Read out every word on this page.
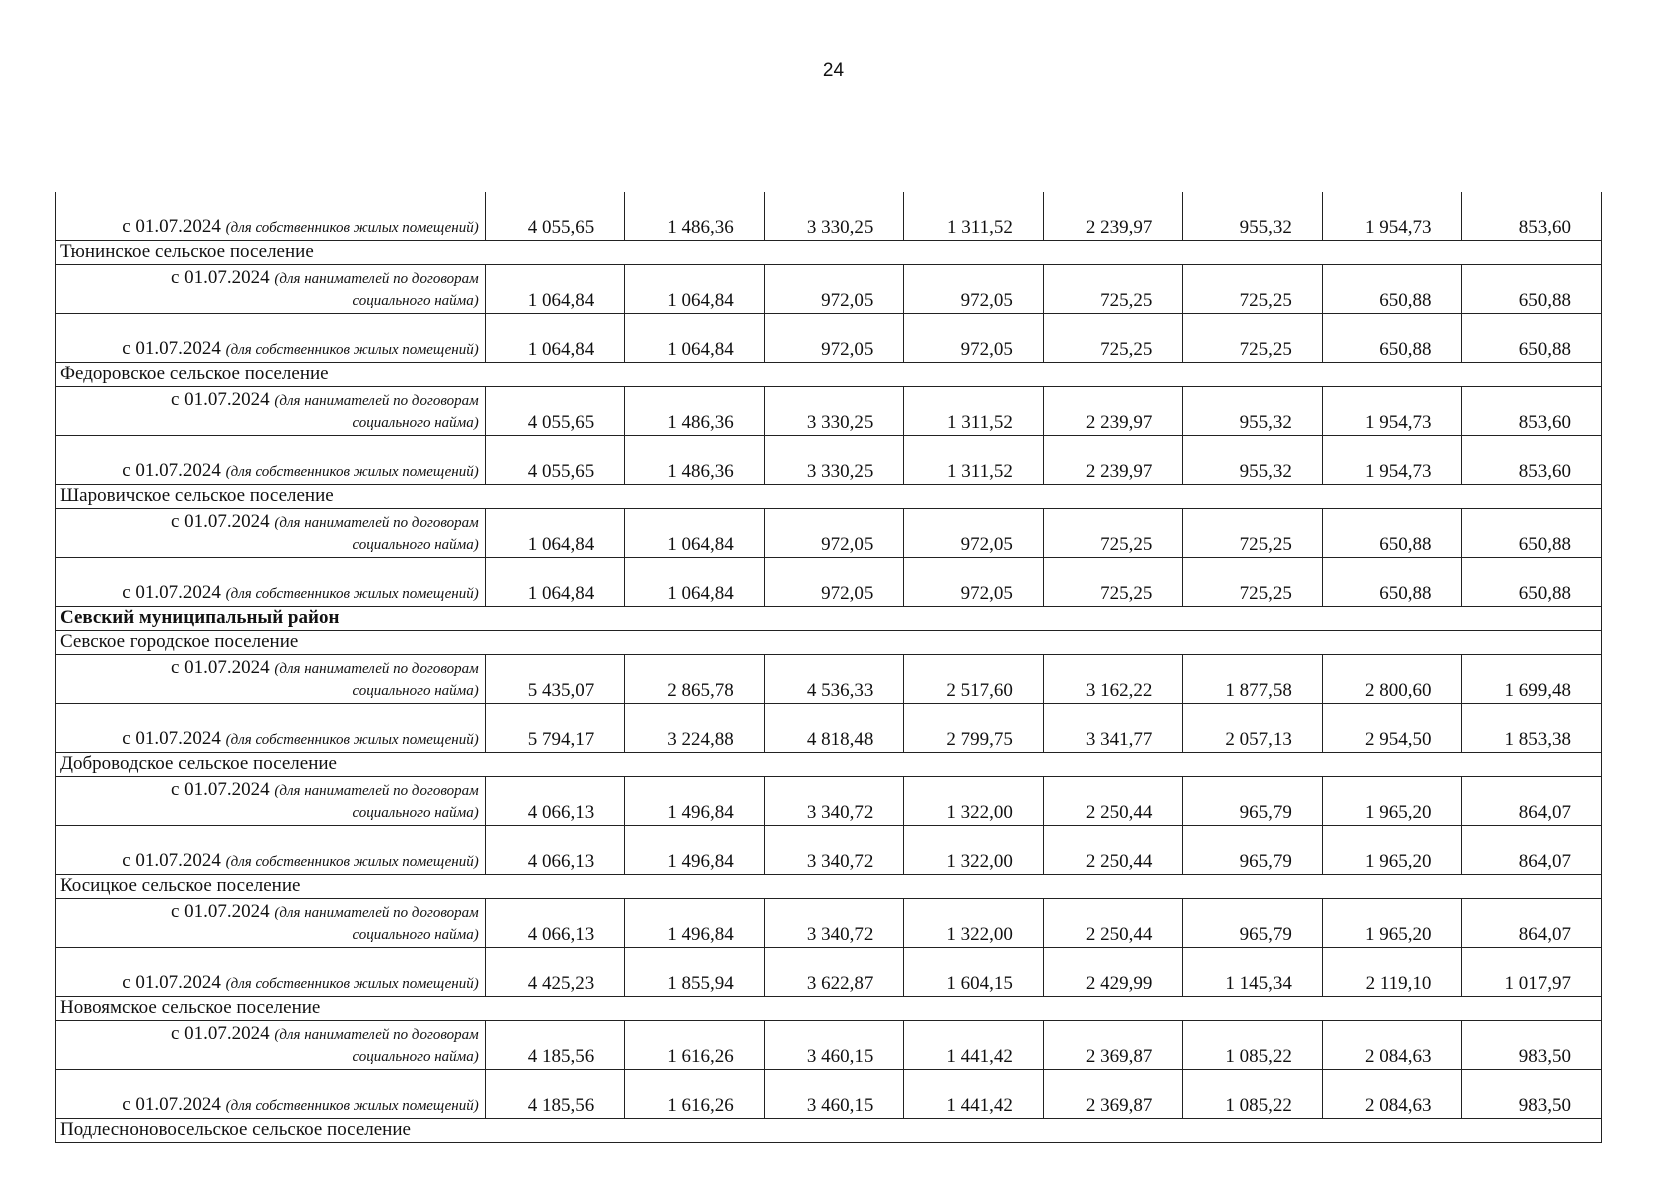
24
с 01.07.2024 (для собственников жилых помещений)	4 055,65	1 486,36	3 330,25	1 311,52	2 239,97	955,32	1 954,73	853,60
Тюнинское сельское поселение								

с 01.07.2024 (для нанимателей по договорам
социального найма)	1 064,84	1 064,84	972,05	972,05	725,25	725,25	650,88	650,88

с 01.07.2024 (для собственников жилых помещений)	1 064,84	1 064,84	972,05	972,05	725,25	725,25	650,88	650,88
Федоровское сельское поселение								

с 01.07.2024 (для нанимателей по договорам
социального найма)	4 055,65	1 486,36	3 330,25	1 311,52	2 239,97	955,32	1 954,73	853,60

с 01.07.2024 (для собственников жилых помещений)	4 055,65	1 486,36	3 330,25	1 311,52	2 239,97	955,32	1 954,73	853,60
Шаровичское сельское поселение								

с 01.07.2024 (для нанимателей по договорам
социального найма)	1 064,84	1 064,84	972,05	972,05	725,25	725,25	650,88	650,88

с 01.07.2024 (для собственников жилых помещений)	1 064,84	1 064,84	972,05	972,05	725,25	725,25	650,88	650,88
Севский муниципальный район								
Севское городское поселение								

с 01.07.2024 (для нанимателей по договорам
социального найма)	5 435,07	2 865,78	4 536,33	2 517,60	3 162,22	1 877,58	2 800,60	1 699,48

с 01.07.2024 (для собственников жилых помещений)	5 794,17	3 224,88	4 818,48	2 799,75	3 341,77	2 057,13	2 954,50	1 853,38
Доброводское сельское поселение								

с 01.07.2024 (для нанимателей по договорам
социального найма)	4 066,13	1 496,84	3 340,72	1 322,00	2 250,44	965,79	1 965,20	864,07

с 01.07.2024 (для собственников жилых помещений)	4 066,13	1 496,84	3 340,72	1 322,00	2 250,44	965,79	1 965,20	864,07
Косицкое сельское поселение								

с 01.07.2024 (для нанимателей по договорам
социального найма)	4 066,13	1 496,84	3 340,72	1 322,00	2 250,44	965,79	1 965,20	864,07

с 01.07.2024 (для собственников жилых помещений)	4 425,23	1 855,94	3 622,87	1 604,15	2 429,99	1 145,34	2 119,10	1 017,97
Новоямское сельское поселение								

с 01.07.2024 (для нанимателей по договорам
социального найма)	4 185,56	1 616,26	3 460,15	1 441,42	2 369,87	1 085,22	2 084,63	983,50

с 01.07.2024 (для собственников жилых помещений)	4 185,56	1 616,26	3 460,15	1 441,42	2 369,87	1 085,22	2 084,63	983,50
Подлесноновосельское сельское поселение								
